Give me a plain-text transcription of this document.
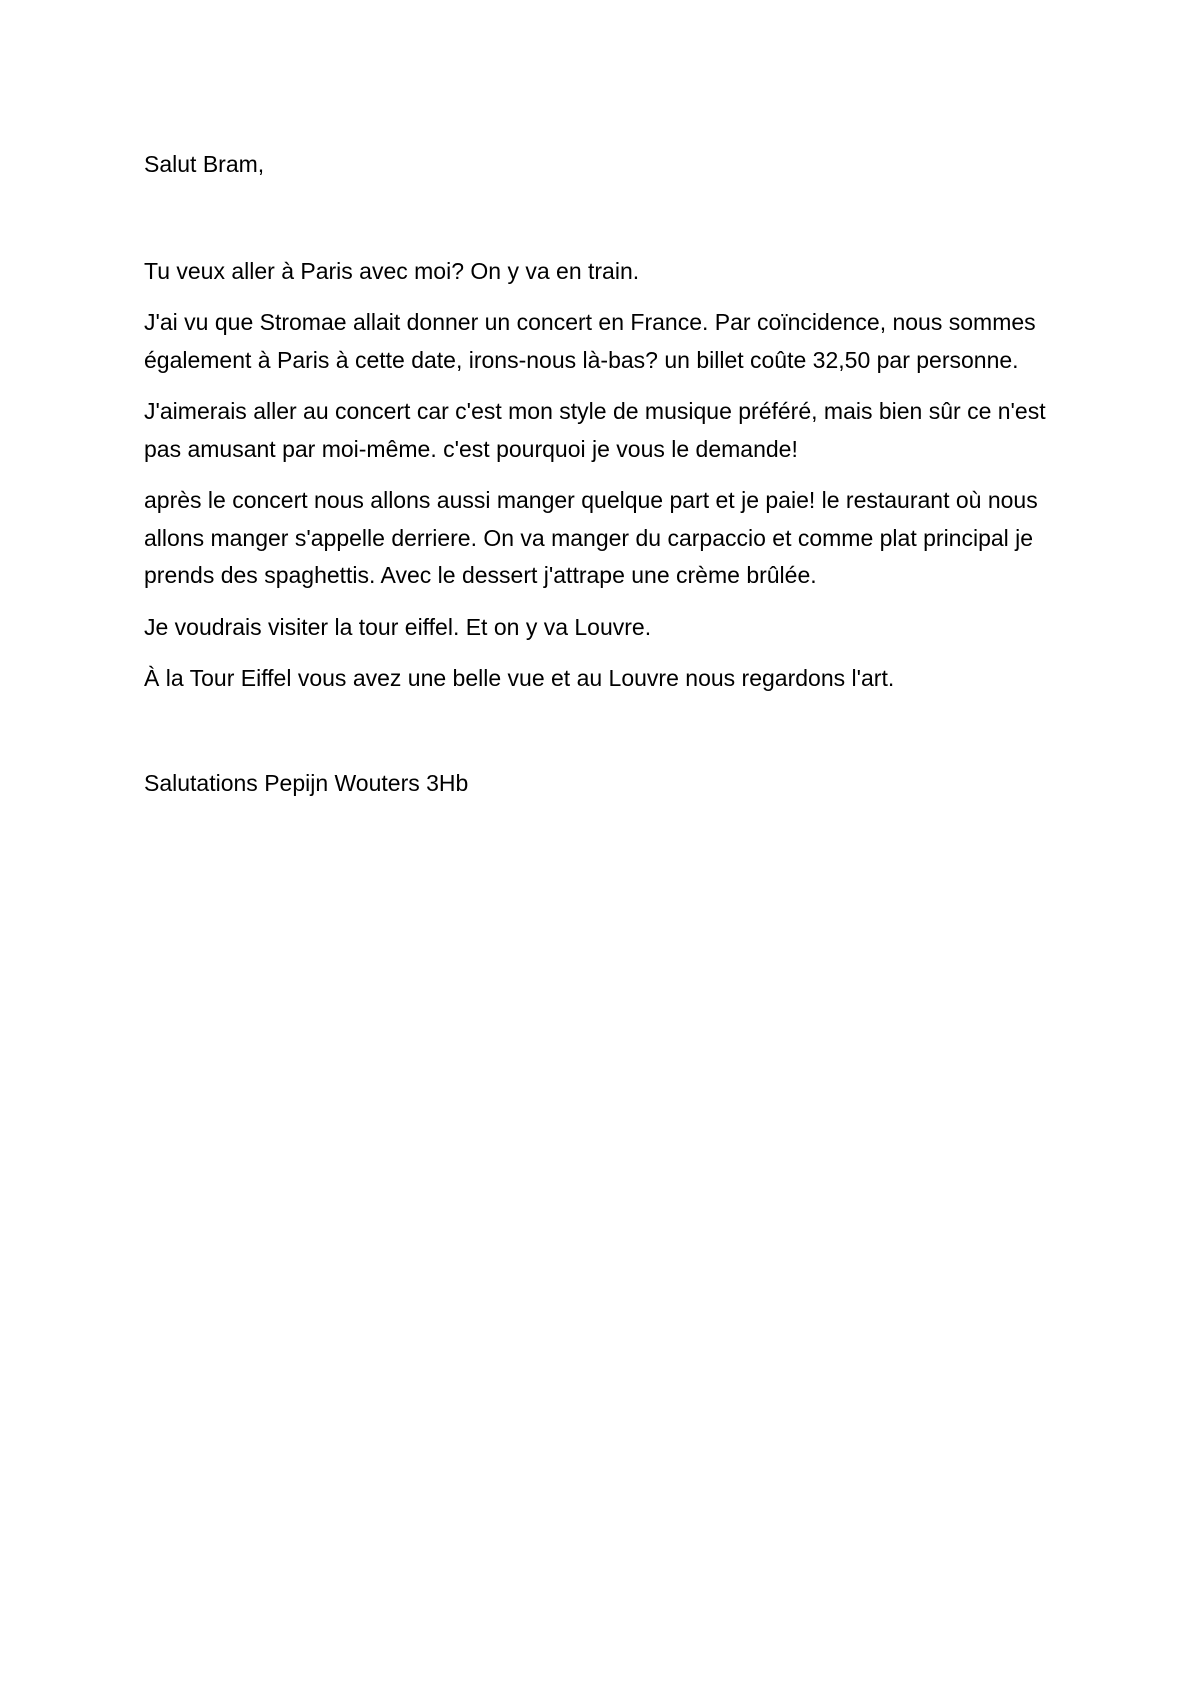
Salut Bram,

Tu veux aller à Paris avec moi? On y va en train.

J'ai vu que Stromae allait donner un concert en France. Par coïncidence, nous sommes également à Paris à cette date, irons-nous là-bas? un billet coûte 32,50 par personne.

J'aimerais aller au concert car c'est mon style de musique préféré, mais bien sûr ce n'est pas amusant par moi-même. c'est pourquoi je vous le demande!

après le concert nous allons aussi manger quelque part et je paie! le restaurant où nous allons manger s'appelle derriere. On va manger du carpaccio et comme plat principal je prends des spaghettis. Avec le dessert j'attrape une crème brûlée.

Je voudrais visiter la tour eiffel. Et on y va Louvre.

À la Tour Eiffel vous avez une belle vue et au Louvre nous regardons l'art.

Salutations Pepijn Wouters 3Hb
